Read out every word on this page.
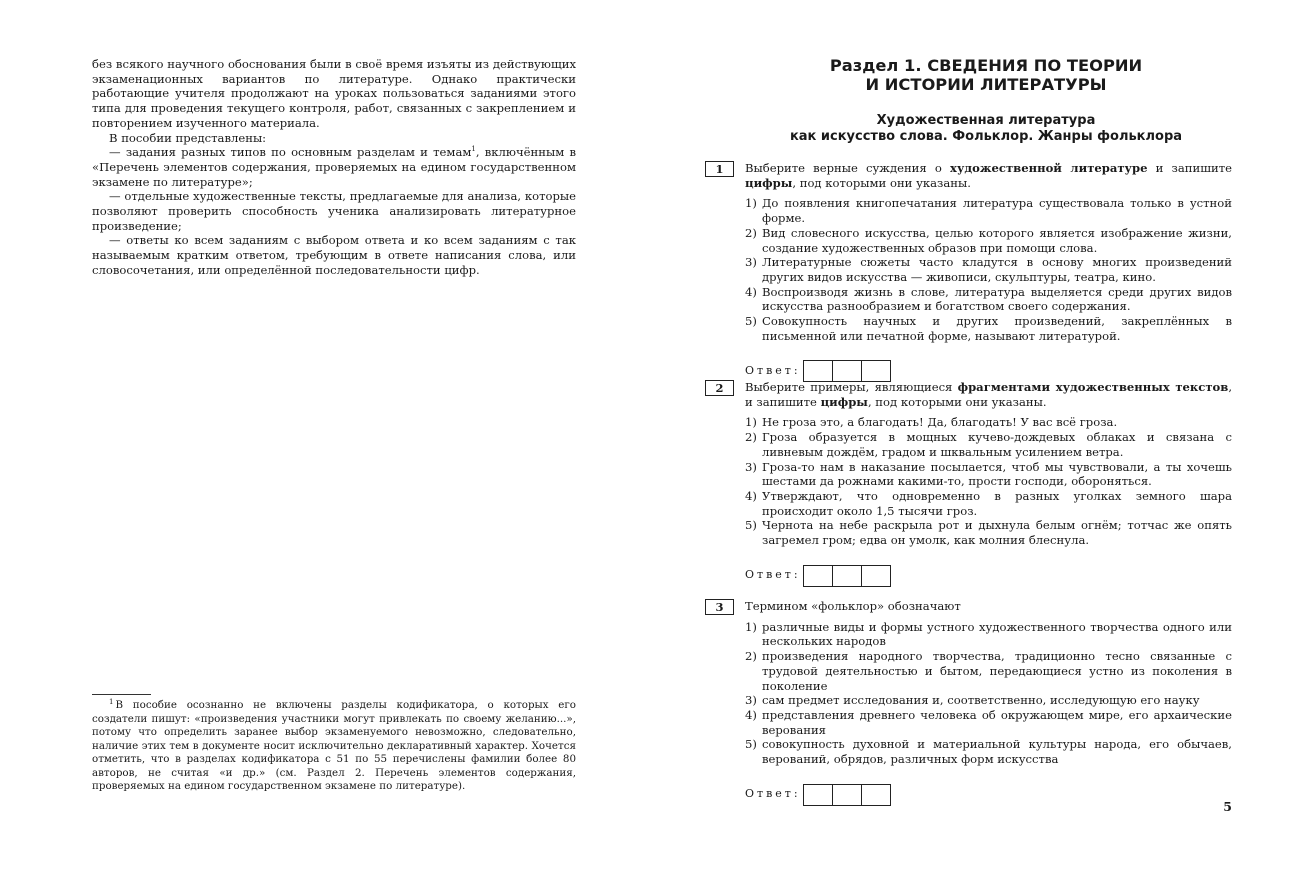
без всякого научного обоснования были в своё время изъяты из действующих экзаменационных вариантов по литературе. Однако практически работающие учителя продолжают на уроках пользоваться заданиями этого типа для проведения текущего контроля, работ, связанных с закреплением и повторением изученного материала.

В пособии представлены:

— задания разных типов по основным разделам и темам$^1$, включённым в «Перечень элементов содержания, проверяемых на едином государственном экзамене по литературе»;

— отдельные художественные тексты, предлагаемые для анализа, которые позволяют проверить способность ученика анализировать литературное произведение;

— ответы ко всем заданиям с выбором ответа и ко всем заданиям с так называемым кратким ответом, требующим в ответе написания слова, или словосочетания, или определённой последовательности цифр.

$^1$ В пособие осознанно не включены разделы кодификатора, о которых его создатели пишут: «произведения участники могут привлекать по своему желанию...», потому что определить заранее выбор экзаменуемого невозможно, следовательно, наличие этих тем в документе носит исключительно декларативный характер. Хочется отметить, что в разделах кодификатора с 51 по 55 перечислены фамилии более 80 авторов, не считая «и др.» (см. Раздел 2. Перечень элементов содержания, проверяемых на едином государственном экзамене по литературе).

Раздел 1. СВЕДЕНИЯ ПО ТЕОРИИ
И ИСТОРИИ ЛИТЕРАТУРЫ
Художественная литература
как искусство слова. Фольклор. Жанры фольклора
1	Выберите верные суждения о художественной литературе и запишите цифры, под которыми они указаны.

1) До появления книгопечатания литература существовала только в устной форме.
2) Вид словесного искусства, целью которого является изображение жизни, создание художественных образов при помощи слова.
3) Литературные сюжеты часто кладутся в основу многих произведений других видов искусства — живописи, скульптуры, театра, кино.
4) Воспроизводя жизнь в слове, литература выделяется среди других видов искусства разнообразием и богатством своего содержания.
5) Совокупность научных и других произведений, закреплённых в письменной или печатной форме, называют литературой.
Ответ:
2	Выберите примеры, являющиеся фрагментами художественных текстов, и запишите цифры, под которыми они указаны.

1) Не гроза это, а благодать! Да, благодать! У вас всё гроза.
2) Гроза образуется в мощных кучево-дождевых облаках и связана с ливневым дождём, градом и шквальным усилением ветра.
3) Гроза-то нам в наказание посылается, чтоб мы чувствовали, а ты хочешь шестами да рожнами какими-то, прости господи, обороняться.
4) Утверждают, что одновременно в разных уголках земного шара происходит около 1,5 тысячи гроз.
5) Чернота на небе раскрыла рот и дыхнула белым огнём; тотчас же опять загремел гром; едва он умолк, как молния блеснула.
Ответ:
3	Термином «фольклор» обозначают

1) различные виды и формы устного художественного творчества одного или нескольких народов
2) произведения народного творчества, традиционно тесно связанные с трудовой деятельностью и бытом, передающиеся устно из поколения в поколение
3) сам предмет исследования и, соответственно, исследующую его науку
4) представления древнего человека об окружающем мире, его архаические верования
5) совокупность духовной и материальной культуры народа, его обычаев, верований, обрядов, различных форм искусства
Ответ:
5
